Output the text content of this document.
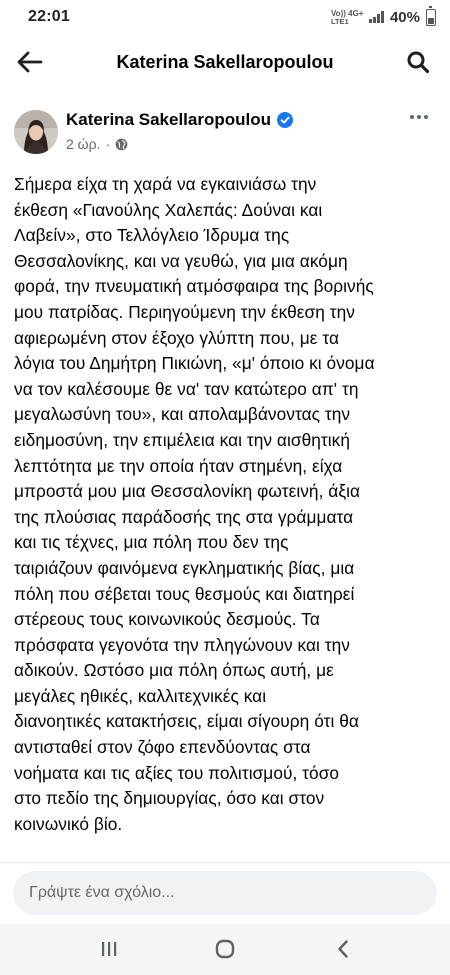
22:01	Vo)) 4G+
LTE1	40%
Katerina Sakellaropoulou
Katerina Sakellaropoulou
2 ώρ. ·
Σήμερα είχα τη χαρά να εγκαινιάσω την
έκθεση «Γιανούλης Χαλεπάς: Δούναι και
Λαβείν», στο Τελλόγλειο Ίδρυμα της
Θεσσαλονίκης, και να γευθώ, για μια ακόμη
φορά, την πνευματική ατμόσφαιρα της βορινής
μου πατρίδας. Περιηγούμενη την έκθεση την
αφιερωμένη στον έξοχο γλύπτη που, με τα
λόγια του Δημήτρη Πικιώνη, «μ' όποιο κι όνομα
να τον καλέσουμε θε να' ταν κατώτερο απ' τη
μεγαλωσύνη του», και απολαμβάνοντας την
ειδημοσύνη, την επιμέλεια και την αισθητική
λεπτότητα με την οποία ήταν στημένη, είχα
μπροστά μου μια Θεσσαλονίκη φωτεινή, άξια
της πλούσιας παράδοσής της στα γράμματα
και τις τέχνες, μια πόλη που δεν της
ταιριάζουν φαινόμενα εγκληματικής βίας, μια
πόλη που σέβεται τους θεσμούς και διατηρεί
στέρεους τους κοινωνικούς δεσμούς. Τα
πρόσφατα γεγονότα την πληγώνουν και την
αδικούν. Ωστόσο μια πόλη όπως αυτή, με
μεγάλες ηθικές, καλλιτεχνικές και
διανοητικές κατακτήσεις, είμαι σίγουρη ότι θα
αντισταθεί στον ζόφο επενδύοντας στα
νοήματα και τις αξίες του πολιτισμού, τόσο
στο πεδίο της δημιουργίας, όσο και στον
κοινωνικό βίο.
Γράψτε ένα σχόλιο...
